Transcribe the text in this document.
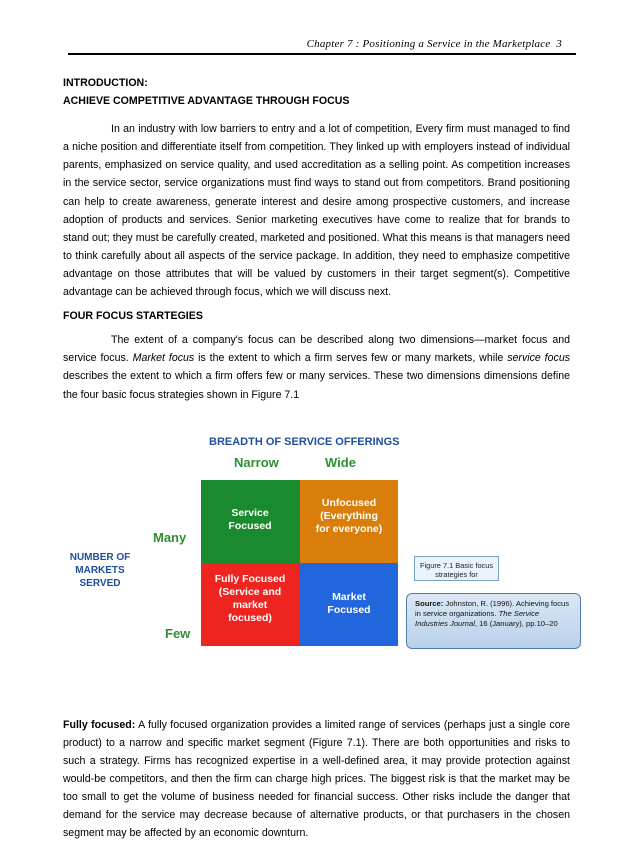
Chapter 7 : Positioning a Service in the Marketplace 3

INTRODUCTION:

ACHIEVE COMPETITIVE ADVANTAGE THROUGH FOCUS

In an industry with low barriers to entry and a lot of competition, Every firm must managed to find a niche position and differentiate itself from competition. They linked up with employers instead of individual parents, emphasized on service quality, and used accreditation as a selling point. As competition increases in the service sector, service organizations must find ways to stand out from competitors. Brand positioning can help to create awareness, generate interest and desire among prospective customers, and increase adoption of products and services. Senior marketing executives have come to realize that for brands to stand out; they must be carefully created, marketed and positioned. What this means is that managers need to think carefully about all aspects of the service package. In addition, they need to emphasize competitive advantage on those attributes that will be valued by customers in their target segment(s). Competitive advantage can be achieved through focus, which we will discuss next.

FOUR FOCUS STARTEGIES

The extent of a company's focus can be described along two dimensions—market focus and service focus. Market focus is the extent to which a firm serves few or many markets, while service focus describes the extent to which a firm offers few or many services. These two dimensions dimensions define the four basic focus strategies shown in Figure 7.1

BREADTH OF SERVICE OFFERINGS
Narrow	Wide
Service
Focused
Unfocused
(Everything
for everyone)
Fully Focused
(Service and
market
focused)
Market
Focused
Many
Few
NUMBER OF
MARKETS
SERVED
Figure 7.1 Basic focus strategies for
Source: Johnston, R. (1996). Achieving focus in service organizations. The Service Industries Journal, 16 (January), pp.10–20

Fully focused: A fully focused organization provides a limited range of services (perhaps just a single core product) to a narrow and specific market segment (Figure 7.1). There are both opportunities and risks to such a strategy. Firms has recognized expertise in a well-defined area, it may provide protection against would-be competitors, and then the firm can charge high prices. The biggest risk is that the market may be too small to get the volume of business needed for financial success. Other risks include the danger that demand for the service may decrease because of alternative products, or that purchasers in the chosen segment may be affected by an economic downturn.
